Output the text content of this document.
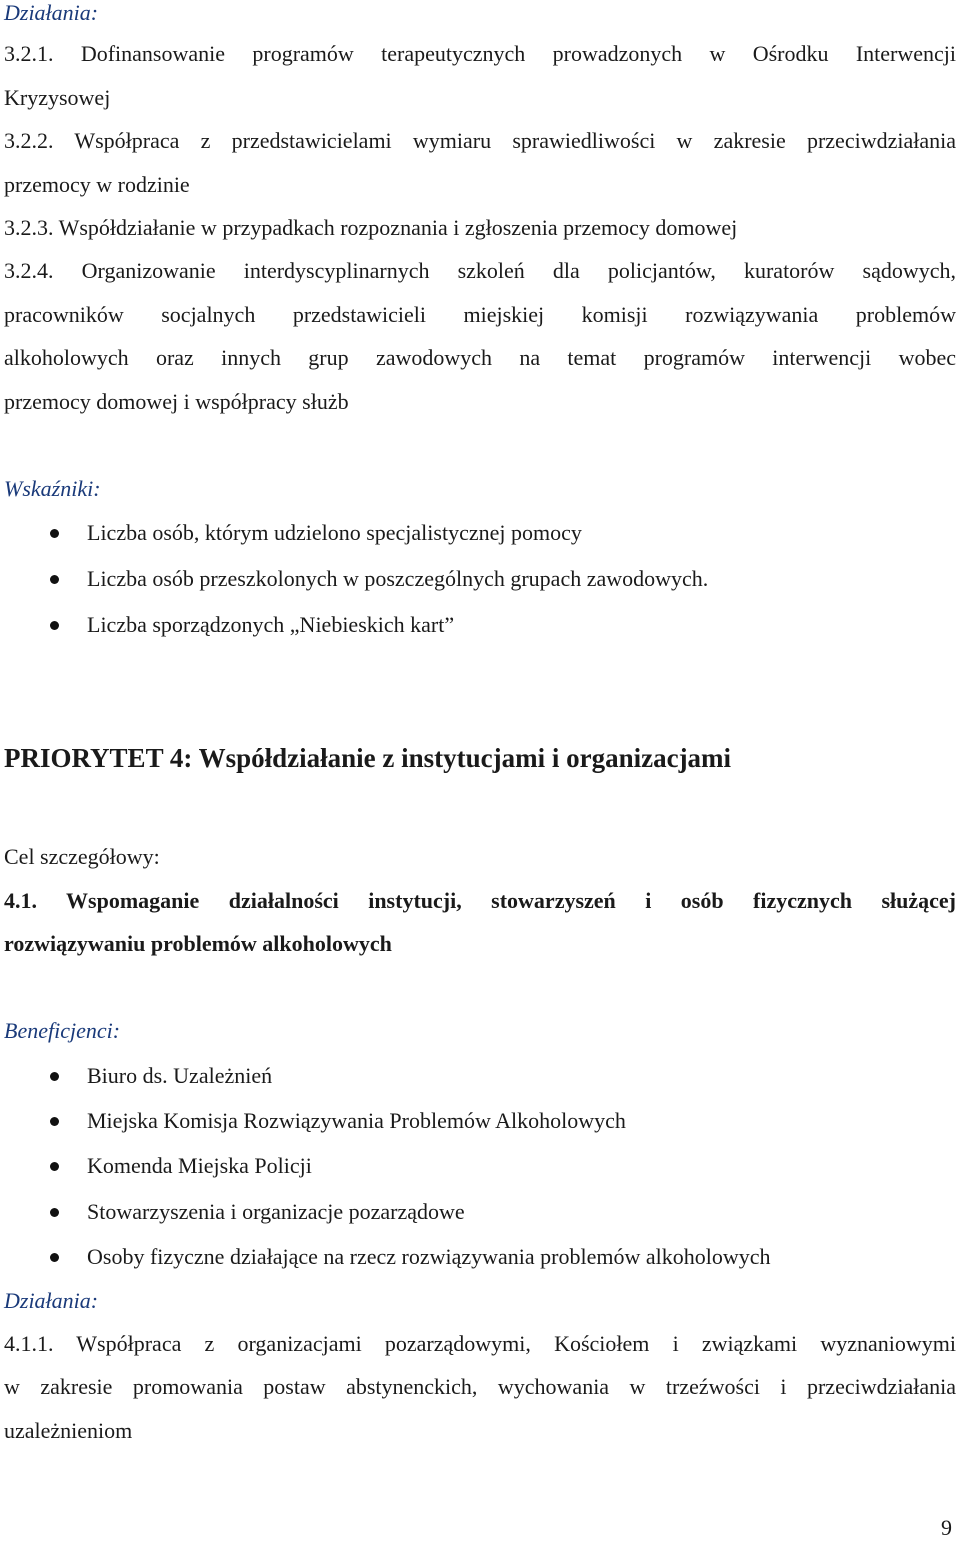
Działania:
3.2.1. Dofinansowanie programów terapeutycznych prowadzonych w Ośrodku Interwencji
Kryzysowej
3.2.2. Współpraca z przedstawicielami wymiaru sprawiedliwości w zakresie przeciwdziałania
przemocy w rodzinie
3.2.3. Współdziałanie w przypadkach rozpoznania i zgłoszenia przemocy domowej
3.2.4. Organizowanie interdyscyplinarnych szkoleń dla policjantów, kuratorów sądowych,
pracowników socjalnych przedstawicieli miejskiej komisji rozwiązywania problemów
alkoholowych oraz innych grup zawodowych na temat programów interwencji wobec
przemocy domowej i współpracy służb
Wskaźniki:
Liczba osób, którym udzielono specjalistycznej pomocy
Liczba osób przeszkolonych w poszczególnych grupach zawodowych.
Liczba sporządzonych „Niebieskich kart”
PRIORYTET 4: Współdziałanie z instytucjami i organizacjami
Cel szczegółowy:
4.1. Wspomaganie działalności instytucji, stowarzyszeń i osób fizycznych służącej
rozwiązywaniu problemów alkoholowych
Beneficjenci:
Biuro ds. Uzależnień
Miejska Komisja Rozwiązywania Problemów Alkoholowych
Komenda Miejska Policji
Stowarzyszenia i organizacje pozarządowe
Osoby fizyczne działające na rzecz rozwiązywania problemów alkoholowych
Działania:
4.1.1. Współpraca z organizacjami pozarządowymi, Kościołem i związkami wyznaniowymi
w zakresie promowania postaw abstynenckich, wychowania w trzeźwości i przeciwdziałania
uzależnieniom
9
